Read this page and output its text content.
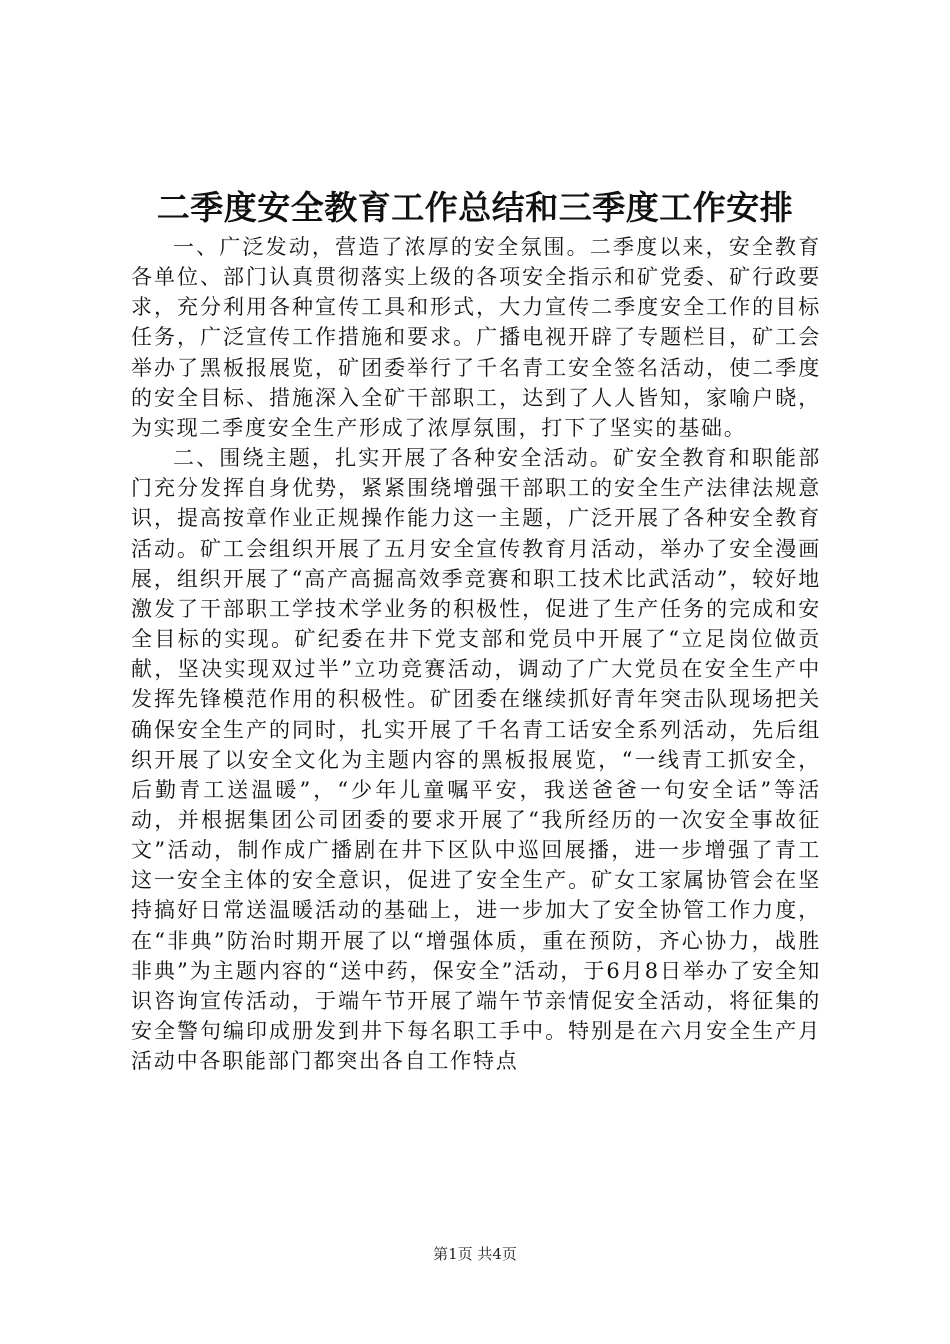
二季度安全教育工作总结和三季度工作安排

一、广泛发动，营造了浓厚的安全氛围。二季度以来，安全教育各单位、部门认真贯彻落实上级的各项安全指示和矿党委、矿行政要求，充分利用各种宣传工具和形式，大力宣传二季度安全工作的目标任务，广泛宣传工作措施和要求。广播电视开辟了专题栏目，矿工会举办了黑板报展览，矿团委举行了千名青工安全签名活动，使二季度的安全目标、措施深入全矿干部职工，达到了人人皆知，家喻户晓，为实现二季度安全生产形成了浓厚氛围，打下了坚实的基础。

二、围绕主题，扎实开展了各种安全活动。矿安全教育和职能部门充分发挥自身优势，紧紧围绕增强干部职工的安全生产法律法规意识，提高按章作业正规操作能力这一主题，广泛开展了各种安全教育活动。矿工会组织开展了五月安全宣传教育月活动，举办了安全漫画展，组织开展了“高产高掘高效季竞赛和职工技术比武活动”，较好地激发了干部职工学技术学业务的积极性，促进了生产任务的完成和安全目标的实现。矿纪委在井下党支部和党员中开展了“立足岗位做贡献，坚决实现双过半”立功竞赛活动，调动了广大党员在安全生产中发挥先锋模范作用的积极性。矿团委在继续抓好青年突击队现场把关确保安全生产的同时，扎实开展了千名青工话安全系列活动，先后组织开展了以安全文化为主题内容的黑板报展览，“一线青工抓安全，后勤青工送温暖”，“少年儿童嘱平安，我送爸爸一句安全话”等活动，并根据集团公司团委的要求开展了“我所经历的一次安全事故征文”活动，制作成广播剧在井下区队中巡回展播，进一步增强了青工这一安全主体的安全意识，促进了安全生产。矿女工家属协管会在坚持搞好日常送温暖活动的基础上，进一步加大了安全协管工作力度，在“非典”防治时期开展了以“增强体质，重在预防，齐心协力，战胜非典”为主题内容的“送中药，保安全”活动，于6月8日举办了安全知识咨询宣传活动，于端午节开展了端午节亲情促安全活动，将征集的安全警句编印成册发到井下每名职工手中。特别是在六月安全生产月活动中各职能部门都突出各自工作特点

第1页 共4页
